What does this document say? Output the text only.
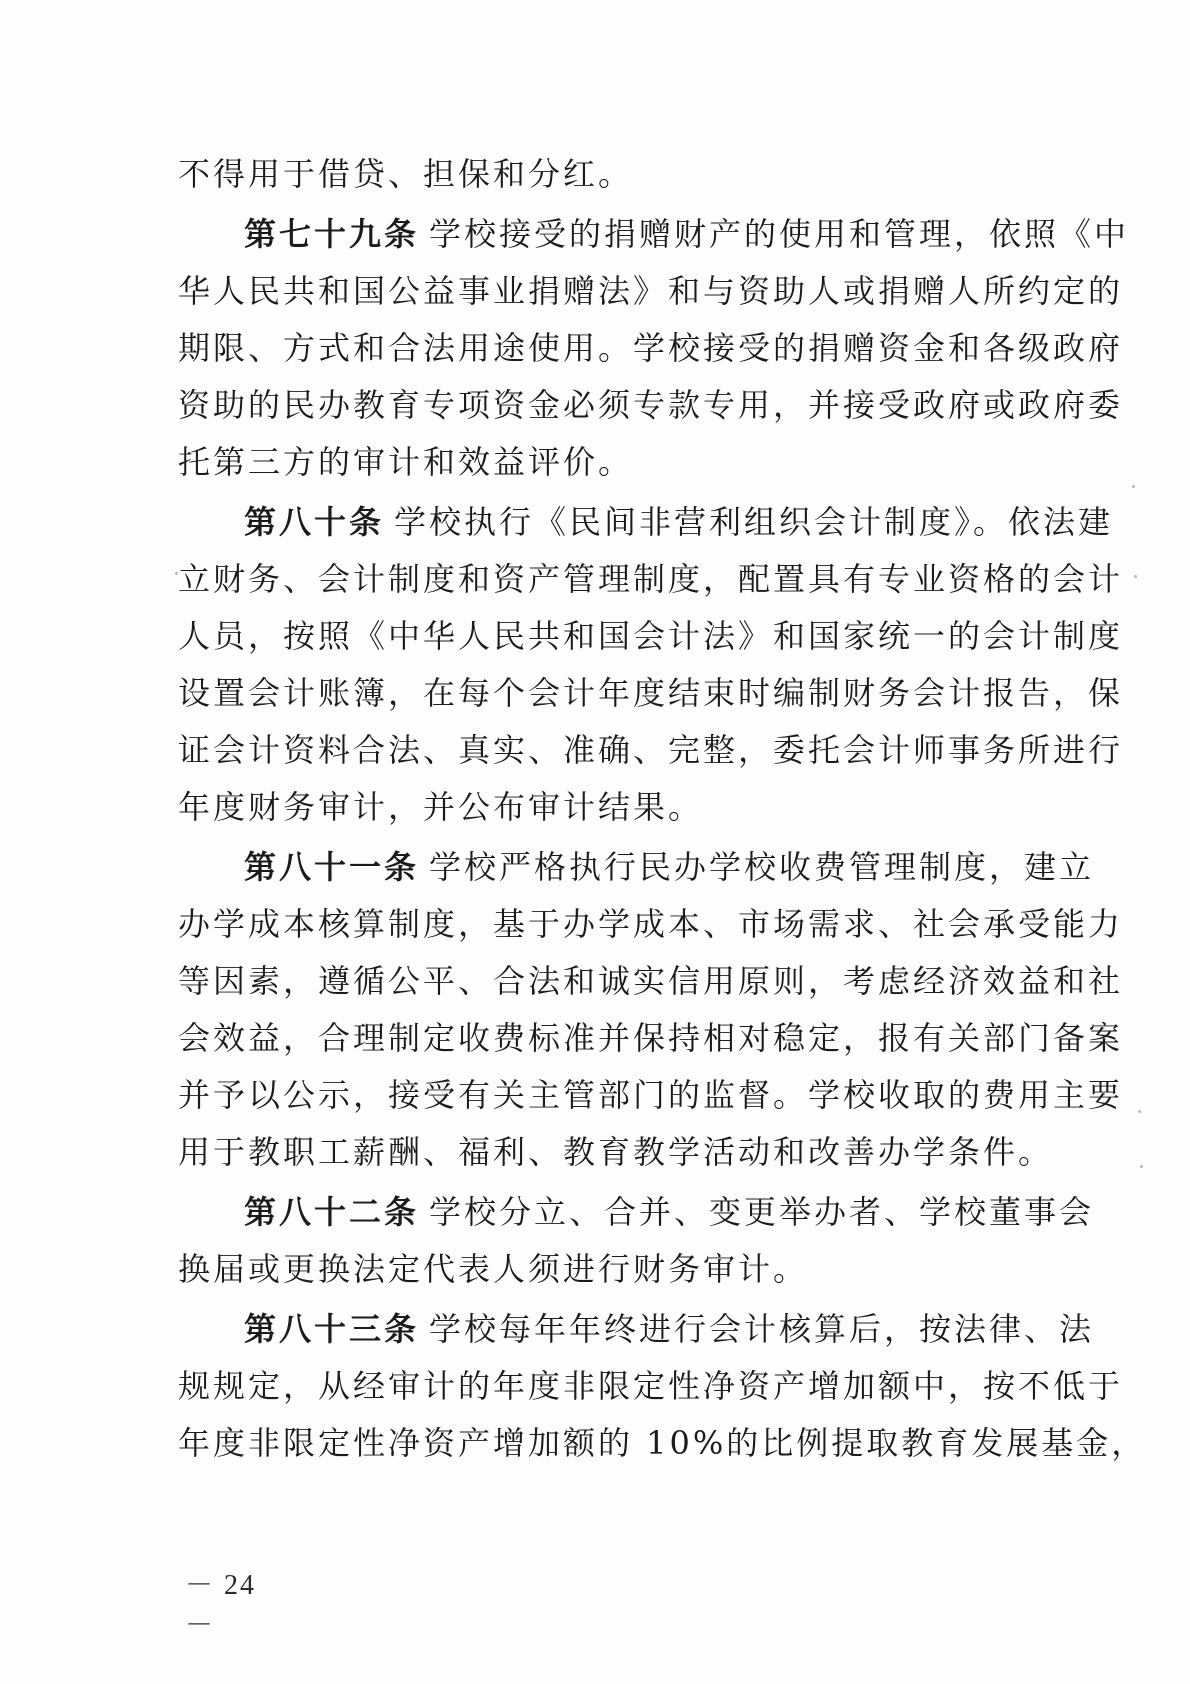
不得用于借贷、担保和分红。
第七十九条 学校接受的捐赠财产的使用和管理，依照《中
华人民共和国公益事业捐赠法》和与资助人或捐赠人所约定的
期限、方式和合法用途使用。学校接受的捐赠资金和各级政府
资助的民办教育专项资金必须专款专用，并接受政府或政府委
托第三方的审计和效益评价。
第八十条 学校执行《民间非营利组织会计制度》。依法建
立财务、会计制度和资产管理制度，配置具有专业资格的会计
人员，按照《中华人民共和国会计法》和国家统一的会计制度
设置会计账簿，在每个会计年度结束时编制财务会计报告，保
证会计资料合法、真实、准确、完整，委托会计师事务所进行
年度财务审计，并公布审计结果。
第八十一条 学校严格执行民办学校收费管理制度，建立
办学成本核算制度，基于办学成本、市场需求、社会承受能力
等因素，遵循公平、合法和诚实信用原则，考虑经济效益和社
会效益，合理制定收费标准并保持相对稳定，报有关部门备案
并予以公示，接受有关主管部门的监督。学校收取的费用主要
用于教职工薪酬、福利、教育教学活动和改善办学条件。
第八十二条 学校分立、合并、变更举办者、学校董事会
换届或更换法定代表人须进行财务审计。
第八十三条 学校每年年终进行会计核算后，按法律、法
规规定，从经审计的年度非限定性净资产增加额中，按不低于
年度非限定性净资产增加额的 10%的比例提取教育发展基金，
－ 24 －
